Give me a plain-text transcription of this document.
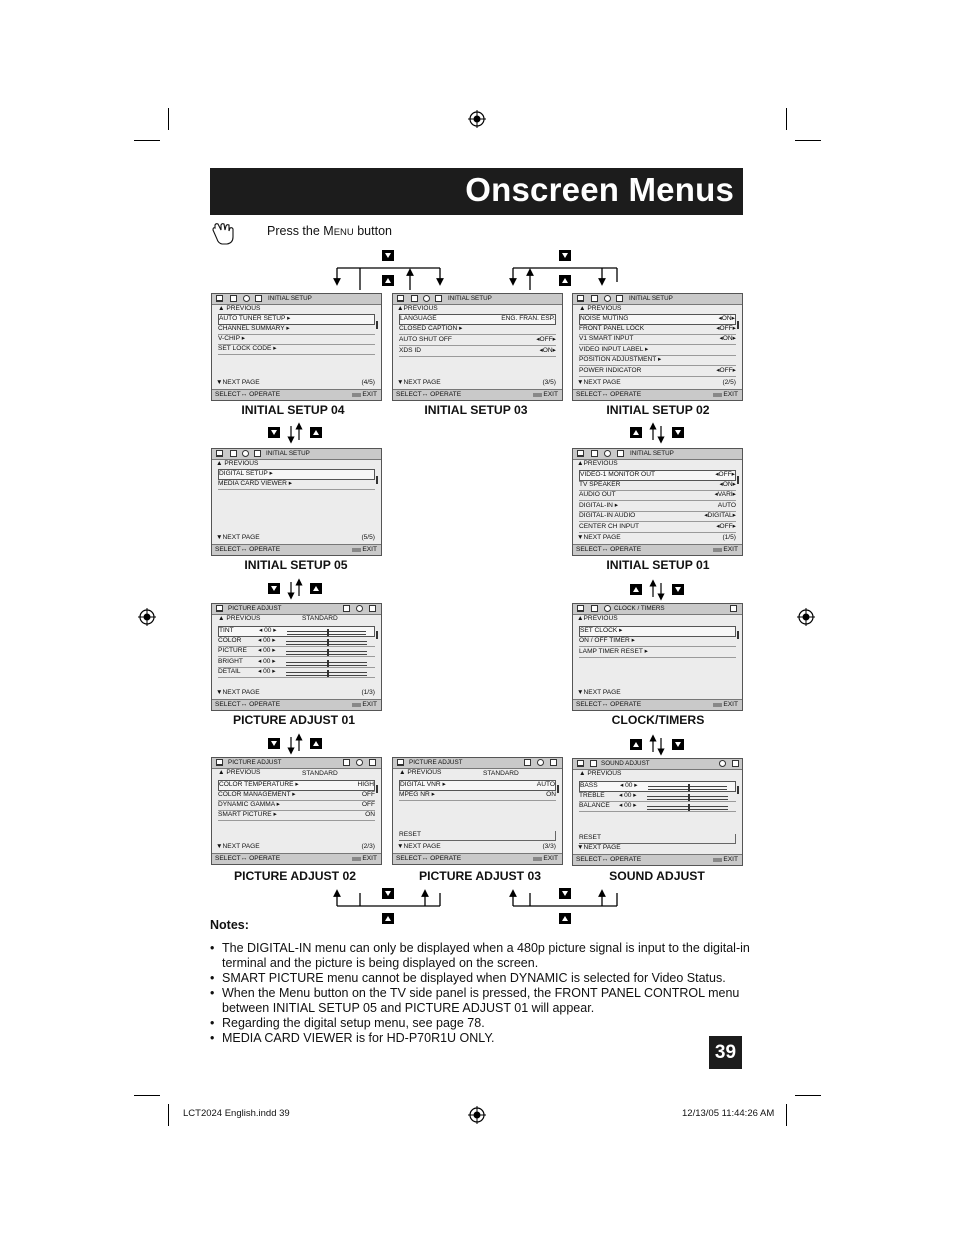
Onscreen Menus
Press the MENU button
INITIAL SETUP
▲ PREVIOUS
AUTO TUNER SETUP ▸
CHANNEL SUMMARY ▸
V-CHIP ▸
SET LOCK CODE ▸
▼NEXT PAGE	(4/5)
SELECT↔ OPERATE	EXIT
INITIAL SETUP 04
INITIAL SETUP
▲PREVIOUS
LANGUAGE	ENG. FRAN. ESP.
CLOSED CAPTION ▸
AUTO SHUT OFF	◂OFF▸
XDS ID	◂ON▸
▼NEXT PAGE	(3/5)
SELECT↔ OPERATE	EXIT
INITIAL SETUP 03
INITIAL SETUP
▲ PREVIOUS
NOISE MUTING	◂ON▸
FRONT PANEL LOCK	◂OFF▸
V1 SMART INPUT	◂ON▸
VIDEO INPUT LABEL ▸
POSITION ADJUSTMENT ▸
POWER INDICATOR	◂OFF▸
▼NEXT PAGE	(2/5)
SELECT↔ OPERATE	EXIT
INITIAL SETUP 02
INITIAL SETUP
▲ PREVIOUS
DIGITAL SETUP ▸
MEDIA CARD VIEWER ▸
▼NEXT PAGE	(5/5)
SELECT↔ OPERATE	EXIT
INITIAL SETUP 05
INITIAL SETUP
▲PREVIOUS
VIDEO-1 MONITOR OUT	◂OFF▸
TV SPEAKER	◂ON▸
AUDIO OUT	◂VARI▸
DIGITAL-IN ▸	AUTO
DIGITAL-IN AUDIO	◂DIGITAL▸
CENTER CH INPUT	◂OFF▸
▼NEXT PAGE	(1/5)
SELECT↔ OPERATE	EXIT
INITIAL SETUP 01
PICTURE ADJUST
▲ PREVIOUS	STANDARD
TINT	◂ 00 ▸
COLOR	◂ 00 ▸
PICTURE ◂ 00 ▸
BRIGHT ◂ 00 ▸
DETAIL	◂ 00 ▸
▼NEXT PAGE	(1/3)
SELECT↔ OPERATE	EXIT
PICTURE ADJUST 01
CLOCK / TIMERS
▲PREVIOUS
SET CLOCK ▸
ON / OFF TIMER ▸
LAMP TIMER RESET ▸
▼NEXT PAGE
SELECT↔ OPERATE	EXIT
CLOCK/TIMERS
PICTURE ADJUST
▲ PREVIOUS	STANDARD
COLOR TEMPERATURE ▸	HIGH
COLOR MANAGEMENT ▸	OFF
DYNAMIC GAMMA ▸	OFF
SMART PICTURE ▸	ON
▼NEXT PAGE	(2/3)
SELECT↔ OPERATE	EXIT
PICTURE ADJUST 02
PICTURE ADJUST
▲ PREVIOUS	STANDARD
DIGITAL VNR ▸	AUTO
MPEG NR ▸	ON
RESET
▼NEXT PAGE	(3/3)
SELECT↔ OPERATE	EXIT
PICTURE ADJUST 03
SOUND ADJUST
▲ PREVIOUS
BASS	◂ 00 ▸
TREBLE ◂ 00 ▸
BALANCE ◂ 00 ▸
RESET
▼NEXT PAGE
SELECT↔ OPERATE	EXIT
SOUND ADJUST
Notes:
• The DIGITAL-IN menu can only be displayed when a 480p picture signal is input to the digital-in terminal and the picture is being displayed on the screen.
• SMART PICTURE menu cannot be displayed when DYNAMIC is selected for Video Status.
• When the Menu button on the TV side panel is pressed, the FRONT PANEL CONTROL menu between INITIAL SETUP 05 and PICTURE ADJUST 01 will appear.
• Regarding the digital setup menu, see page 78.
• MEDIA CARD VIEWER is for HD-P70R1U ONLY.
39
LCT2024 English.indd 39	12/13/05 11:44:26 AM
